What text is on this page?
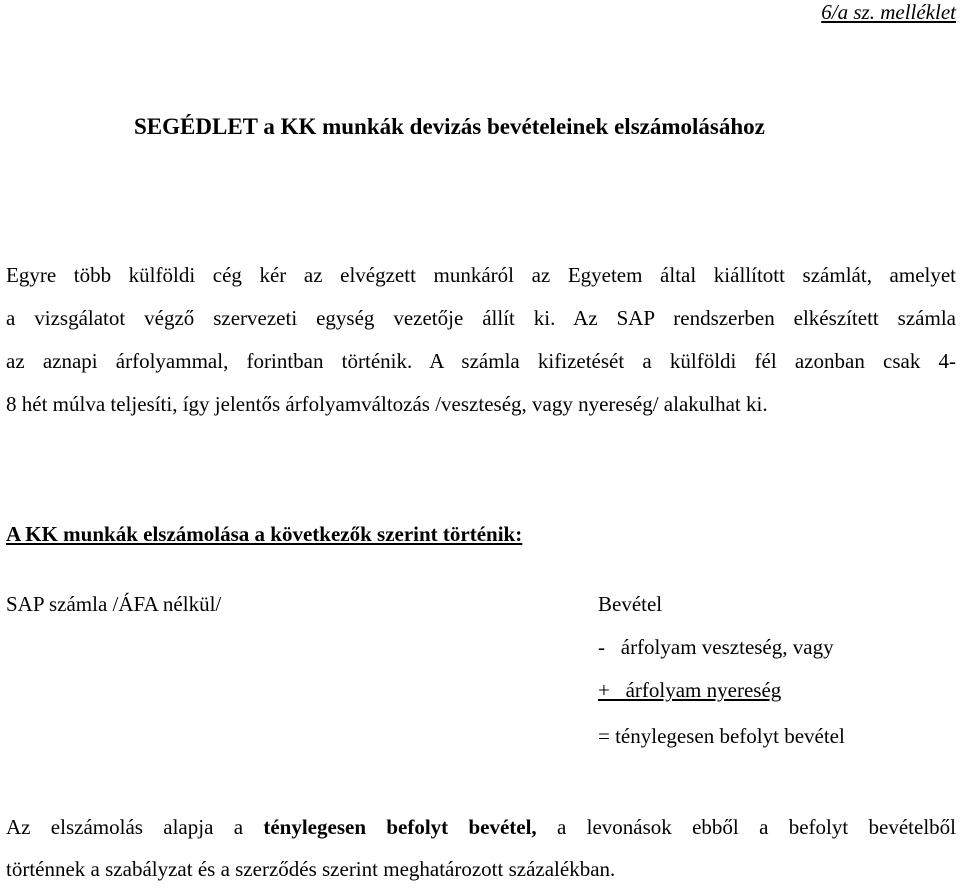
6/a sz. melléklet
SEGÉDLET a KK munkák devizás bevételeinek elszámolásához
Egyre több külföldi cég kér az elvégzett munkáról az Egyetem által kiállított számlát, amelyet
a vizsgálatot végző szervezeti egység vezetője állít ki. Az SAP rendszerben elkészített számla
az aznapi árfolyammal, forintban történik. A számla kifizetését a külföldi fél azonban csak 4-
8 hét múlva teljesíti, így jelentős árfolyamváltozás /veszteség, vagy nyereség/ alakulhat ki.
A KK munkák elszámolása a következők szerint történik:
SAP számla /ÁFA nélkül/	Bevétel
-   árfolyam veszteség, vagy
+   árfolyam nyereség
= ténylegesen befolyt bevétel
Az elszámolás alapja a ténylegesen befolyt bevétel, a levonások ebből a befolyt bevételből
történnek a szabályzat és a szerződés szerint meghatározott százalékban.
